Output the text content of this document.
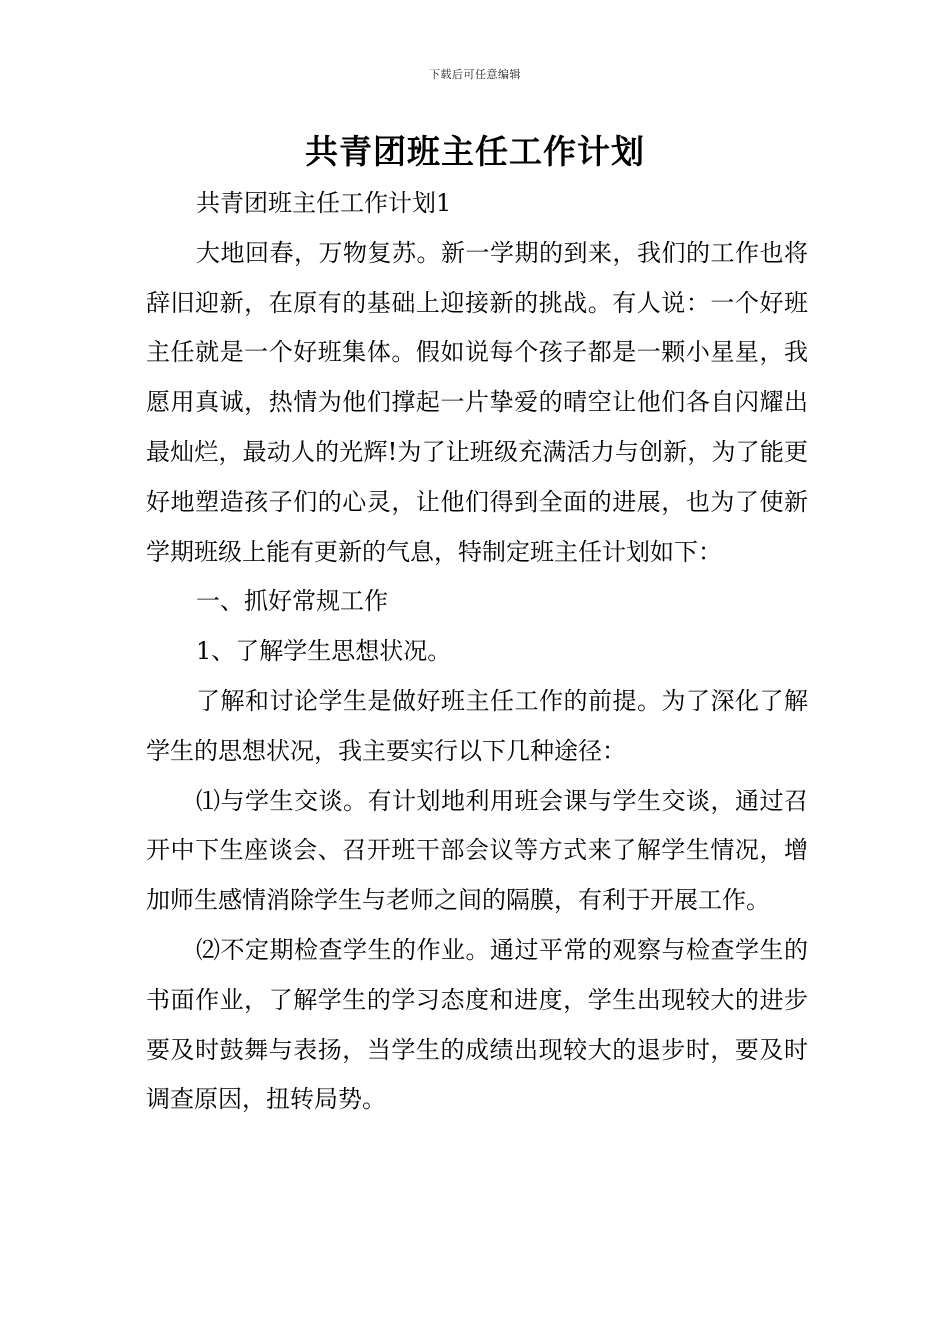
下载后可任意编辑
共青团班主任工作计划

共青团班主任工作计划1

大地回春，万物复苏。新一学期的到来，我们的工作也将辞旧迎新，在原有的基础上迎接新的挑战。有人说：一个好班主任就是一个好班集体。假如说每个孩子都是一颗小星星，我愿用真诚，热情为他们撑起一片挚爱的晴空让他们各自闪耀出最灿烂，最动人的光辉!为了让班级充满活力与创新，为了能更好地塑造孩子们的心灵，让他们得到全面的进展，也为了使新学期班级上能有更新的气息，特制定班主任计划如下：

一、抓好常规工作

1、了解学生思想状况。

了解和讨论学生是做好班主任工作的前提。为了深化了解学生的思想状况，我主要实行以下几种途径：

⑴与学生交谈。有计划地利用班会课与学生交谈，通过召开中下生座谈会、召开班干部会议等方式来了解学生情况，增加师生感情消除学生与老师之间的隔膜，有利于开展工作。

⑵不定期检查学生的作业。通过平常的观察与检查学生的书面作业，了解学生的学习态度和进度，学生出现较大的进步要及时鼓舞与表扬，当学生的成绩出现较大的退步时，要及时调查原因，扭转局势。
